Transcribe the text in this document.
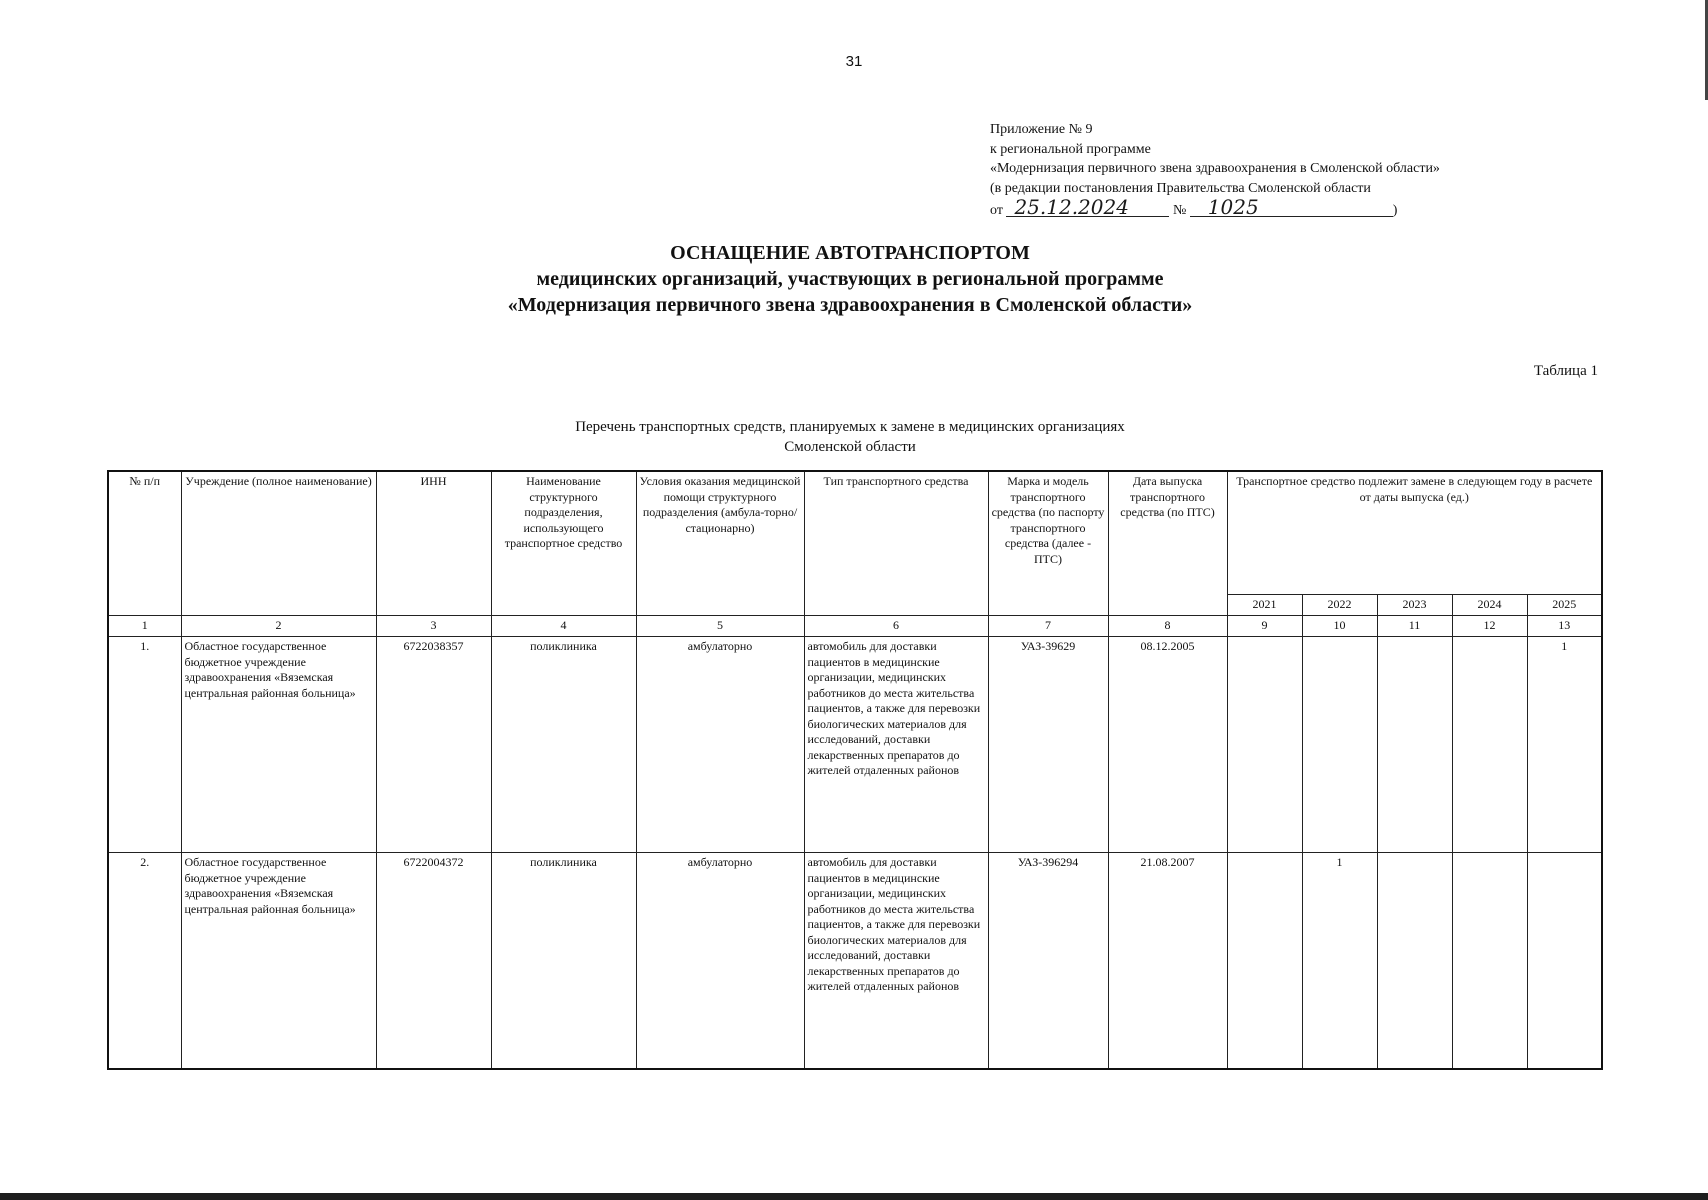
31
Приложение № 9
к региональной программе
«Модернизация первичного звена здравоохранения в Смоленской области»
(в редакции постановления Правительства Смоленской области
от 25.12.2024	№ 1025	)
ОСНАЩЕНИЕ АВТОТРАНСПОРТОМ
медицинских организаций, участвующих в региональной программе
«Модернизация первичного звена здравоохранения в Смоленской области»
Таблица 1
Перечень транспортных средств, планируемых к замене в медицинских организациях
Смоленской области
№ п/п	Учреждение (полное наименование)	ИНН	Наименование структурного подразделения, использующего транспортное средство	Условия оказания медицинской помощи структурного подразделения (амбула-торно/стационарно)	Тип транспортного средства	Марка и модель транспортного средства (по паспорту транспортного средства (далее - ПТС)	Дата выпуска транспортного средства (по ПТС)	Транспортное средство подлежит замене в следующем году в расчете от даты выпуска (ед.)				
								2021	2022	2023	2024	2025
1	2	3	4	5	6	7	8	9	10	11	12	13
1.	Областное государственное бюджетное учреждение здравоохранения «Вяземская центральная районная больница»	6722038357	поликлиника	амбулаторно	автомобиль для доставки пациентов в медицинские организации, медицинских работников до места жительства пациентов, а также для перевозки биологических материалов для исследований, доставки лекарственных препаратов до жителей отдаленных районов	УАЗ-39629	08.12.2005					1
2.	Областное государственное бюджетное учреждение здравоохранения «Вяземская центральная районная больница»	6722004372	поликлиника	амбулаторно	автомобиль для доставки пациентов в медицинские организации, медицинских работников до места жительства пациентов, а также для перевозки биологических материалов для исследований, доставки лекарственных препаратов до жителей отдаленных районов	УАЗ-396294	21.08.2007		1			
